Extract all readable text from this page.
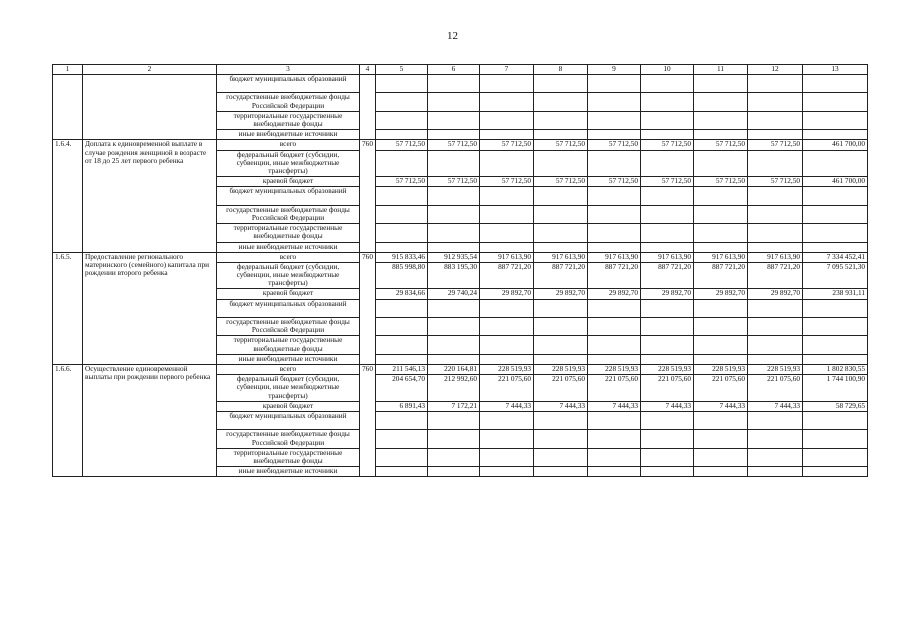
12
1	2	3	4	5	6	7	8	9	10	11	12	13
		бюджет муниципальных образований										
		государственные внебюджетные фонды Российской Федерации										
		территориальные государственные внебюджетные фонды										
		иные внебюджетные источники										
1.6.4.	Доплата к единовременной выплате в случае рождения женщиной в возрасте от 18 до 25 лет первого ребенка	всего	760	57 712,50	57 712,50	57 712,50	57 712,50	57 712,50	57 712,50	57 712,50	57 712,50	461 700,00
		федеральный бюджет (субсидии, субвенции, иные межбюджетные трансферты)										
		краевой бюджет		57 712,50	57 712,50	57 712,50	57 712,50	57 712,50	57 712,50	57 712,50	57 712,50	461 700,00
		бюджет муниципальных образований										
		государственные внебюджетные фонды Российской Федерации										
		территориальные государственные внебюджетные фонды										
		иные внебюджетные источники										
1.6.5.	Предоставление регионального материнского (семейного) капитала при рождении второго ребенка	всего	760	915 833,46	912 935,54	917 613,90	917 613,90	917 613,90	917 613,90	917 613,90	917 613,90	7 334 452,41
		федеральный бюджет (субсидии, субвенции, иные межбюджетные трансферты)		885 998,80	883 195,30	887 721,20	887 721,20	887 721,20	887 721,20	887 721,20	887 721,20	7 095 521,30
		краевой бюджет		29 834,66	29 740,24	29 892,70	29 892,70	29 892,70	29 892,70	29 892,70	29 892,70	238 931,11
		бюджет муниципальных образований										
		государственные внебюджетные фонды Российской Федерации										
		территориальные государственные внебюджетные фонды										
		иные внебюджетные источники										
1.6.6.	Осуществление единовременной выплаты при рождении первого ребенка	всего	760	211 546,13	220 164,81	228 519,93	228 519,93	228 519,93	228 519,93	228 519,93	228 519,93	1 802 830,55
		федеральный бюджет (субсидии, субвенции, иные межбюджетные трансферты)		204 654,70	212 992,60	221 075,60	221 075,60	221 075,60	221 075,60	221 075,60	221 075,60	1 744 100,90
		краевой бюджет		6 891,43	7 172,21	7 444,33	7 444,33	7 444,33	7 444,33	7 444,33	7 444,33	58 729,65
		бюджет муниципальных образований										
		государственные внебюджетные фонды Российской Федерации										
		территориальные государственные внебюджетные фонды										
		иные внебюджетные источники										
